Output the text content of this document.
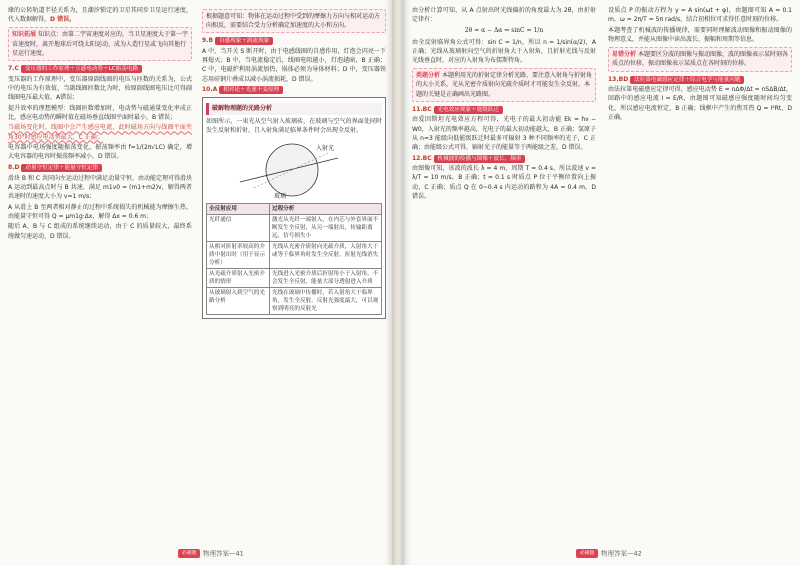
缘的公转轨道半径关系为，且潮汐锁定的卫星其同步卫星运行速度，代入数据解得，D 错误。

知识拓展 知识点：由第二宇宙速度对应的，当卫星速度大于第一宇宙速度时，离开地球后可绕太阳运动，成为人造行星或飞向其他行星运行速度。

7.C 变压器的工作原理＋互感电动势＋LC振荡电路

变压器的工作原理中，变压器原副线圈的电压与匝数的关系为，公式中的电压为有效值，当副线圈匝数比为时，按原副线圈电压比可得副线圈电压最大值，A错误；

提升效率的理想模型：线圈匝数增加时，电动势与磁通量变化率成正比，感应电动势的瞬时值在磁场垂直线圈平面时最小，B 错误；

当磁场变化时，线圈中会产生感应电流，此时磁场方向与线圈平面夹角30°时感应电动势最大，C 正确；

电容器中电场强度随振荡变化，振荡频率由 f=1/(2π√LC) 确定，增大电容器的电容时振荡频率减小，D 错误。

8.D 动量守恒定律＋能量守恒定律

滑块 B 和 C 共同向左运动过程中满足动量守恒，由动能定理可得滑块 A 运动到最高点时与 B 共速，满足 m1v0 = (m1+m2)v，解得两者共速时的速度大小为 v=1 m/s；

A 从滑上 B 至两者相对静止的过程中系统损失的机械能为摩擦生热，由能量守恒可得 Q = μm1g·Δx，解得 Δx = 0.6 m；

随后 A、B 与 C 组成的系统继续运动，由于 C 的质量较大，最终系统做匀速运动，D 错误。

根据题意可知：物体在运动过程中受到的摩擦力方向与相对运动方向相反，需要结合受力分析确定加速度的大小和方向。

9.B 自感现象＋涡流现象

A 中，当开关 S 断开时，由于电感线圈的自感作用，灯泡会闪亮一下再熄灭；B 中，当电流稳定后，线圈电阻越小，灯泡越暗，B 正确；C 中，电磁炉利用涡流加热，锅体必须为导体材料；D 中，变压器铁芯用硅钢片叠成以减小涡流损耗，D 错误。

10.A 相对论＋光速不变原理

破解物理题的光路分析

如图所示，一束光从空气射入玻璃砖，在玻璃与空气的界面处同时发生反射和折射，且入射角满足临界条件时会出现全反射。

入射光
玻璃
全反射应用	过程分析
光纤通信	激光从光纤一端射入，在内芯与外套界面不断发生全反射，从另一端射出，传输距离远，信号损失小
从相对折射率较高的介质中射出时（用于显示分析）	光线从光密介质射向光疏介质，入射角大于或等于临界角时发生全反射，折射光线消失
从光疏介质射入光密介质的情形	光线进入光密介质后折射角小于入射角，不会发生全反射，能量大部分透射进入介质
从玻璃射入到空气的光路分析	光线在玻璃中传播时，若入射角大于临界角，发生全反射，反射光强度最大，可以观察到明亮的反射光
必刷题 物理答案—41

由分析计算可知，从 A 点射出时光线偏折的角度最大为 2θ，由折射定律有：

2θ = α − Δα ⇒ sinC = 1/n

由全反射临界角公式可得：sin C = 1/n，所以 n = 1/sin(α/2)，A 正确；光线从玻璃射向空气的折射角大于入射角，且折射光线与反射光线垂直时，对应的入射角为布儒斯特角。

类题分析 本题利用光的折射定律分析光路，要注意入射角与折射角的大小关系，光从光密介质射向光疏介质时才可能发生全反射，本题的关键是正确画出光路图。

11.BC 光电效应现象＋能级跃迁

由爱因斯坦光电效应方程可得，光电子的最大初动能 Ek = hν − W0，入射光的频率越高，光电子的最大初动能越大，B 正确；氢原子从 n=3 能级向低能级跃迁时最多可辐射 3 种不同频率的光子，C 正确；由能级公式可得，辐射光子的能量等于两能级之差，D 错误。

12.BC 机械波的传播与图像＋波长、频率

由图像可知，该波的波长 λ = 4 m，周期 T = 0.4 s，所以波速 v = λ/T = 10 m/s，B 正确；t = 0.1 s 时质点 P 位于平衡位置向上振动，C 正确；质点 Q 在 0~0.4 s 内运动的路程为 4A = 0.4 m，D 错误。

设质点 P 的振动方程为 y = A sin(ωt + φ)，由题图可知 A = 0.1 m，ω = 2π/T = 5π rad/s，结合初相位可求得任意时刻的位移。

本题考查了机械波的传播规律，需要同时理解波动图像和振动图像的物理意义，并能从图像中读出波长、振幅和周期等信息。

易错分析 本题要区分波的图像与振动图像，波的图像表示某时刻各质点的位移，振动图像表示某质点在各时刻的位移。

13.BD 法拉第电磁感应定律＋综合电学与能量问题

由法拉第电磁感应定律可得，感应电动势 E = nΔΦ/Δt = nSΔB/Δt，回路中的感应电流 I = E/R，由题图可知磁感应强度随时间均匀变化，所以感应电流恒定，B 正确；线框中产生的焦耳热 Q = I²Rt，D 正确。

必刷题 物理答案—42
